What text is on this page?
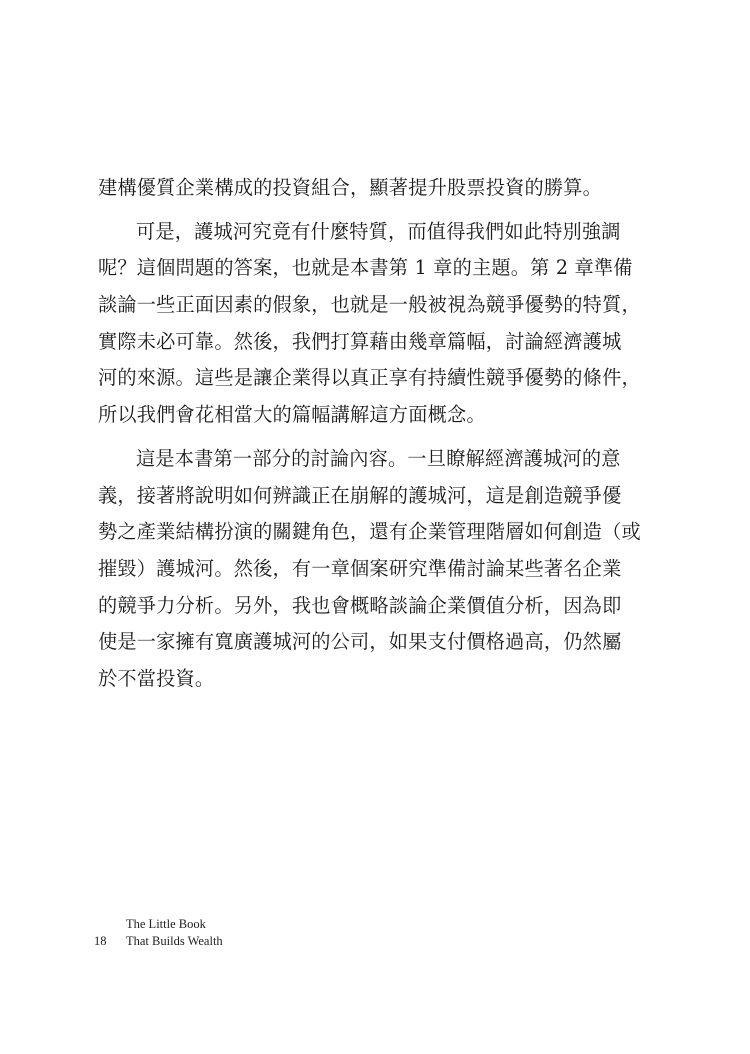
建構優質企業構成的投資組合，顯著提升股票投資的勝算。
可是，護城河究竟有什麼特質，而值得我們如此特別強調
呢？這個問題的答案，也就是本書第 1 章的主題。第 2 章準備
談論一些正面因素的假象，也就是一般被視為競爭優勢的特質，
實際未必可靠。然後，我們打算藉由幾章篇幅，討論經濟護城
河的來源。這些是讓企業得以真正享有持續性競爭優勢的條件，
所以我們會花相當大的篇幅講解這方面概念。
這是本書第一部分的討論內容。一旦瞭解經濟護城河的意
義，接著將說明如何辨識正在崩解的護城河，這是創造競爭優
勢之產業結構扮演的關鍵角色，還有企業管理階層如何創造（或
摧毀）護城河。然後，有一章個案研究準備討論某些著名企業
的競爭力分析。另外，我也會概略談論企業價值分析，因為即
使是一家擁有寬廣護城河的公司，如果支付價格過高，仍然屬
於不當投資。
The Little Book
18 That Builds Wealth
